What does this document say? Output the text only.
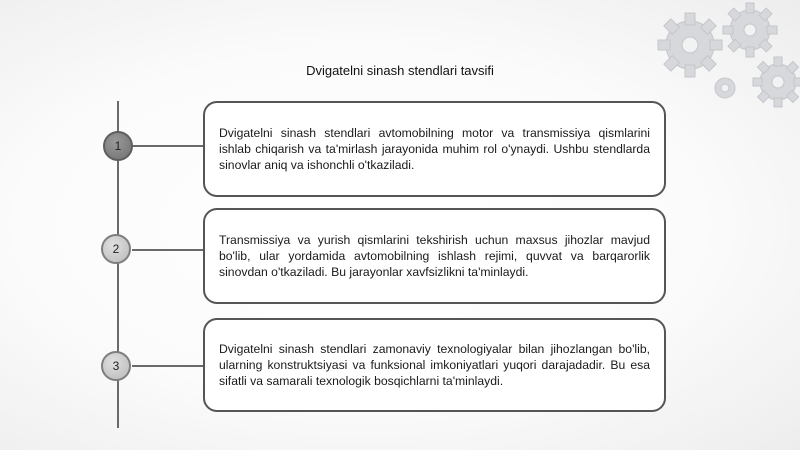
Dvigatelni sinash stendlari tavsifi
1

Dvigatelni sinash stendlari avtomobilning motor va transmissiya qismlarini ishlab chiqarish va ta'mirlash jarayonida muhim rol o'ynaydi. Ushbu stendlarda sinovlar aniq va ishonchli o'tkaziladi.

2

Transmissiya va yurish qismlarini tekshirish uchun maxsus jihozlar mavjud bo'lib, ular yordamida avtomobilning ishlash rejimi, quvvat va barqarorlik sinovdan o'tkaziladi. Bu jarayonlar xavfsizlikni ta'minlaydi.

3

Dvigatelni sinash stendlari zamonaviy texnologiyalar bilan jihozlangan bo'lib, ularning konstruktsiyasi va funksional imkoniyatlari yuqori darajadadir. Bu esa sifatli va samarali texnologik bosqichlarni ta'minlaydi.
